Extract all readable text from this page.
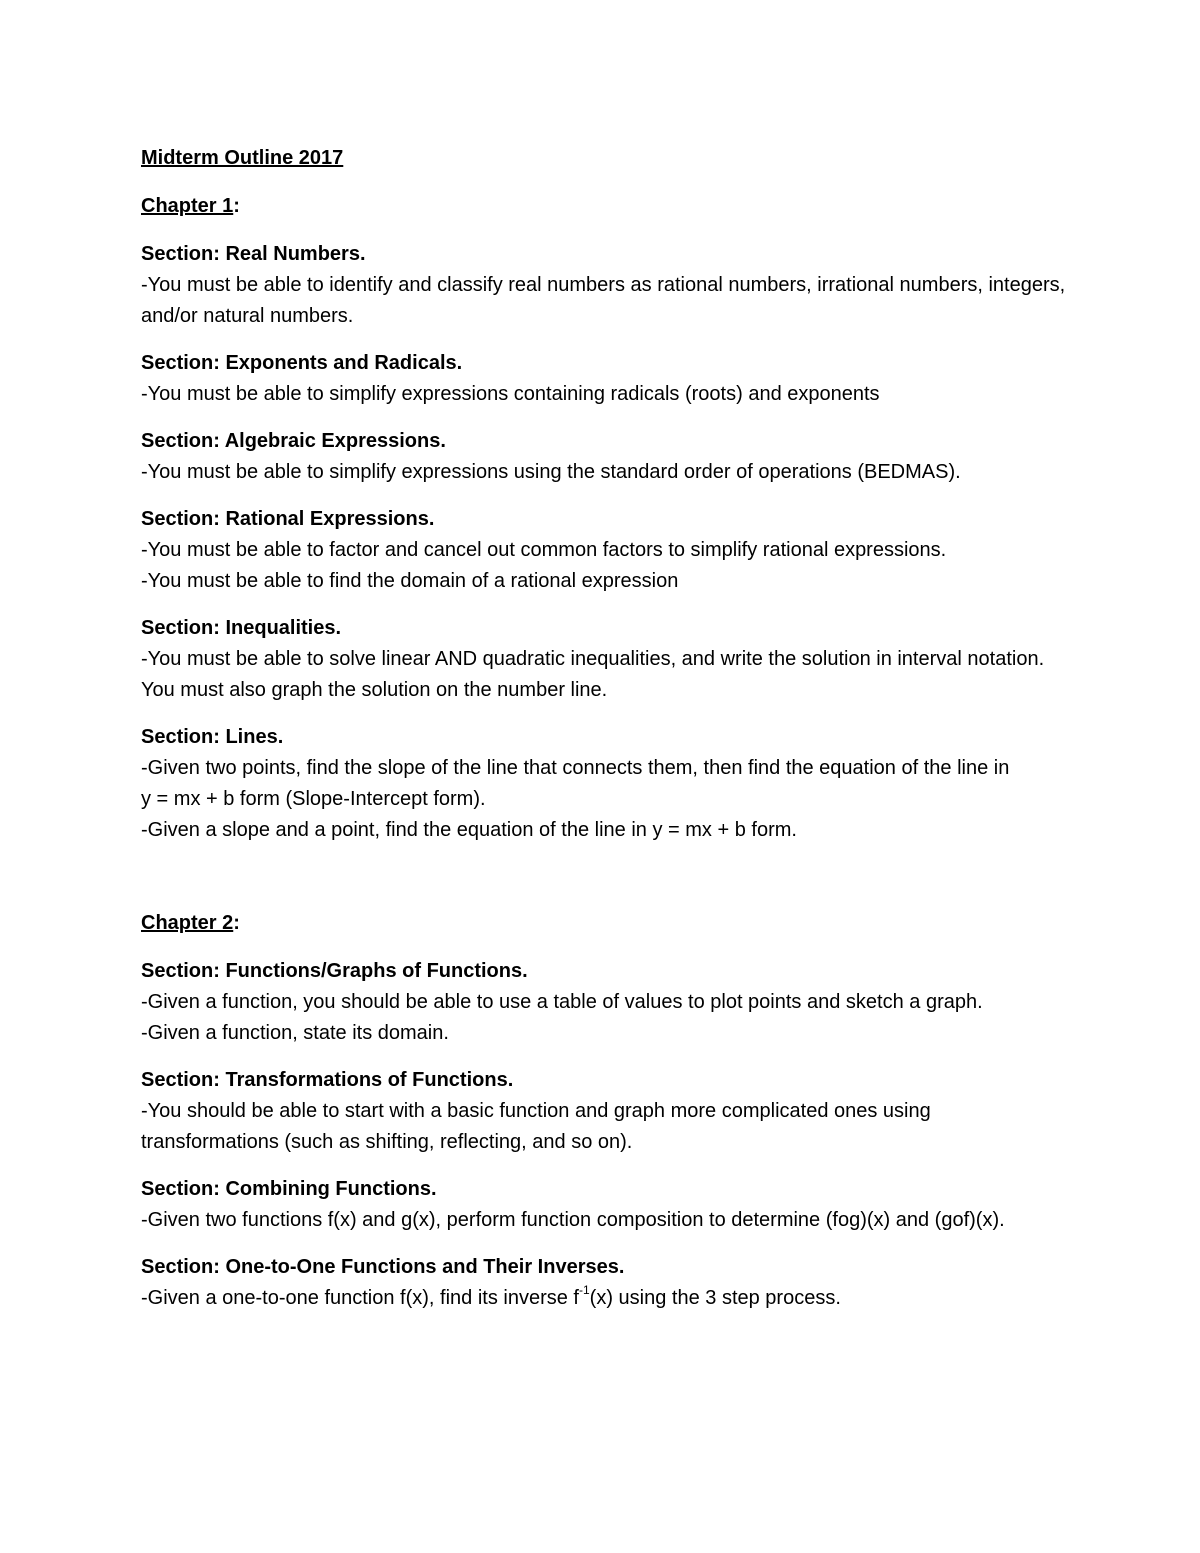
Midterm Outline 2017
Chapter 1:
Section: Real Numbers.
-You must be able to identify and classify real numbers as rational numbers, irrational numbers, integers, and/or natural numbers.
Section: Exponents and Radicals.
-You must be able to simplify expressions containing radicals (roots) and exponents
Section: Algebraic Expressions.
-You must be able to simplify expressions using the standard order of operations (BEDMAS).
Section: Rational Expressions.
-You must be able to factor and cancel out common factors to simplify rational expressions.
-You must be able to find the domain of a rational expression
Section: Inequalities.
-You must be able to solve linear AND quadratic inequalities, and write the solution in interval notation. You must also graph the solution on the number line.
Section: Lines.
-Given two points, find the slope of the line that connects them, then find the equation of the line in
y = mx + b form (Slope-Intercept form).
-Given a slope and a point, find the equation of the line in y = mx + b form.
Chapter 2:
Section: Functions/Graphs of Functions.
-Given a function, you should be able to use a table of values to plot points and sketch a graph.
-Given a function, state its domain.
Section: Transformations of Functions.
-You should be able to start with a basic function and graph more complicated ones using transformations (such as shifting, reflecting, and so on).
Section: Combining Functions.
-Given two functions f(x) and g(x), perform function composition to determine (fog)(x) and (gof)(x).
Section: One-to-One Functions and Their Inverses.
-Given a one-to-one function f(x), find its inverse $f^{-1}(x)$ using the 3 step process.
